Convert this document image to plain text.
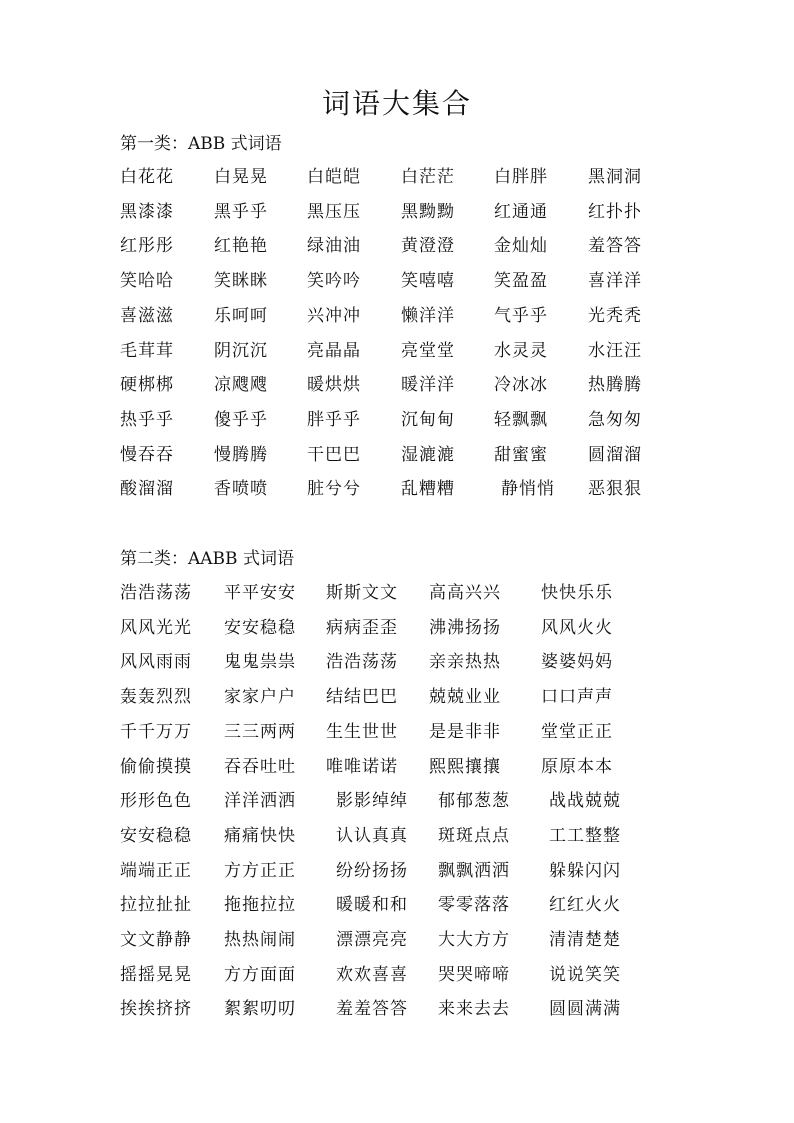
词语大集合
第一类：ABB 式词语
白花花 白晃晃 白皑皑 白茫茫 白胖胖 黑洞洞
黑漆漆 黑乎乎 黑压压 黑黝黝 红通通 红扑扑
红彤彤 红艳艳 绿油油 黄澄澄 金灿灿 羞答答
笑哈哈 笑眯眯 笑吟吟 笑嘻嘻 笑盈盈 喜洋洋
喜滋滋 乐呵呵 兴冲冲 懒洋洋 气乎乎 光秃秃
毛茸茸 阴沉沉 亮晶晶 亮堂堂 水灵灵 水汪汪
硬梆梆 凉飕飕 暖烘烘 暖洋洋 冷冰冰 热腾腾
热乎乎 傻乎乎 胖乎乎 沉甸甸 轻飘飘 急匆匆
慢吞吞 慢腾腾 干巴巴 湿漉漉 甜蜜蜜 圆溜溜
酸溜溜 香喷喷 脏兮兮 乱糟糟	静悄悄 恶狠狠
第二类：AABB 式词语
浩浩荡荡 平平安安 斯斯文文 高高兴兴 快快乐乐
风风光光 安安稳稳 病病歪歪 沸沸扬扬 风风火火
风风雨雨 鬼鬼祟祟 浩浩荡荡 亲亲热热 婆婆妈妈
轰轰烈烈 家家户户 结结巴巴 兢兢业业 口口声声
千千万万 三三两两 生生世世 是是非非 堂堂正正
偷偷摸摸 吞吞吐吐 唯唯诺诺 熙熙攘攘 原原本本
形形色色 洋洋洒洒 影影绰绰 郁郁葱葱 战战兢兢
安安稳稳 痛痛快快 认认真真 斑斑点点 工工整整
端端正正 方方正正 纷纷扬扬 飘飘洒洒 躲躲闪闪
拉拉扯扯 拖拖拉拉 暖暖和和 零零落落 红红火火
文文静静 热热闹闹 漂漂亮亮 大大方方 清清楚楚
摇摇晃晃 方方面面 欢欢喜喜 哭哭啼啼 说说笑笑
挨挨挤挤 絮絮叨叨 羞羞答答 来来去去 圆圆满满
